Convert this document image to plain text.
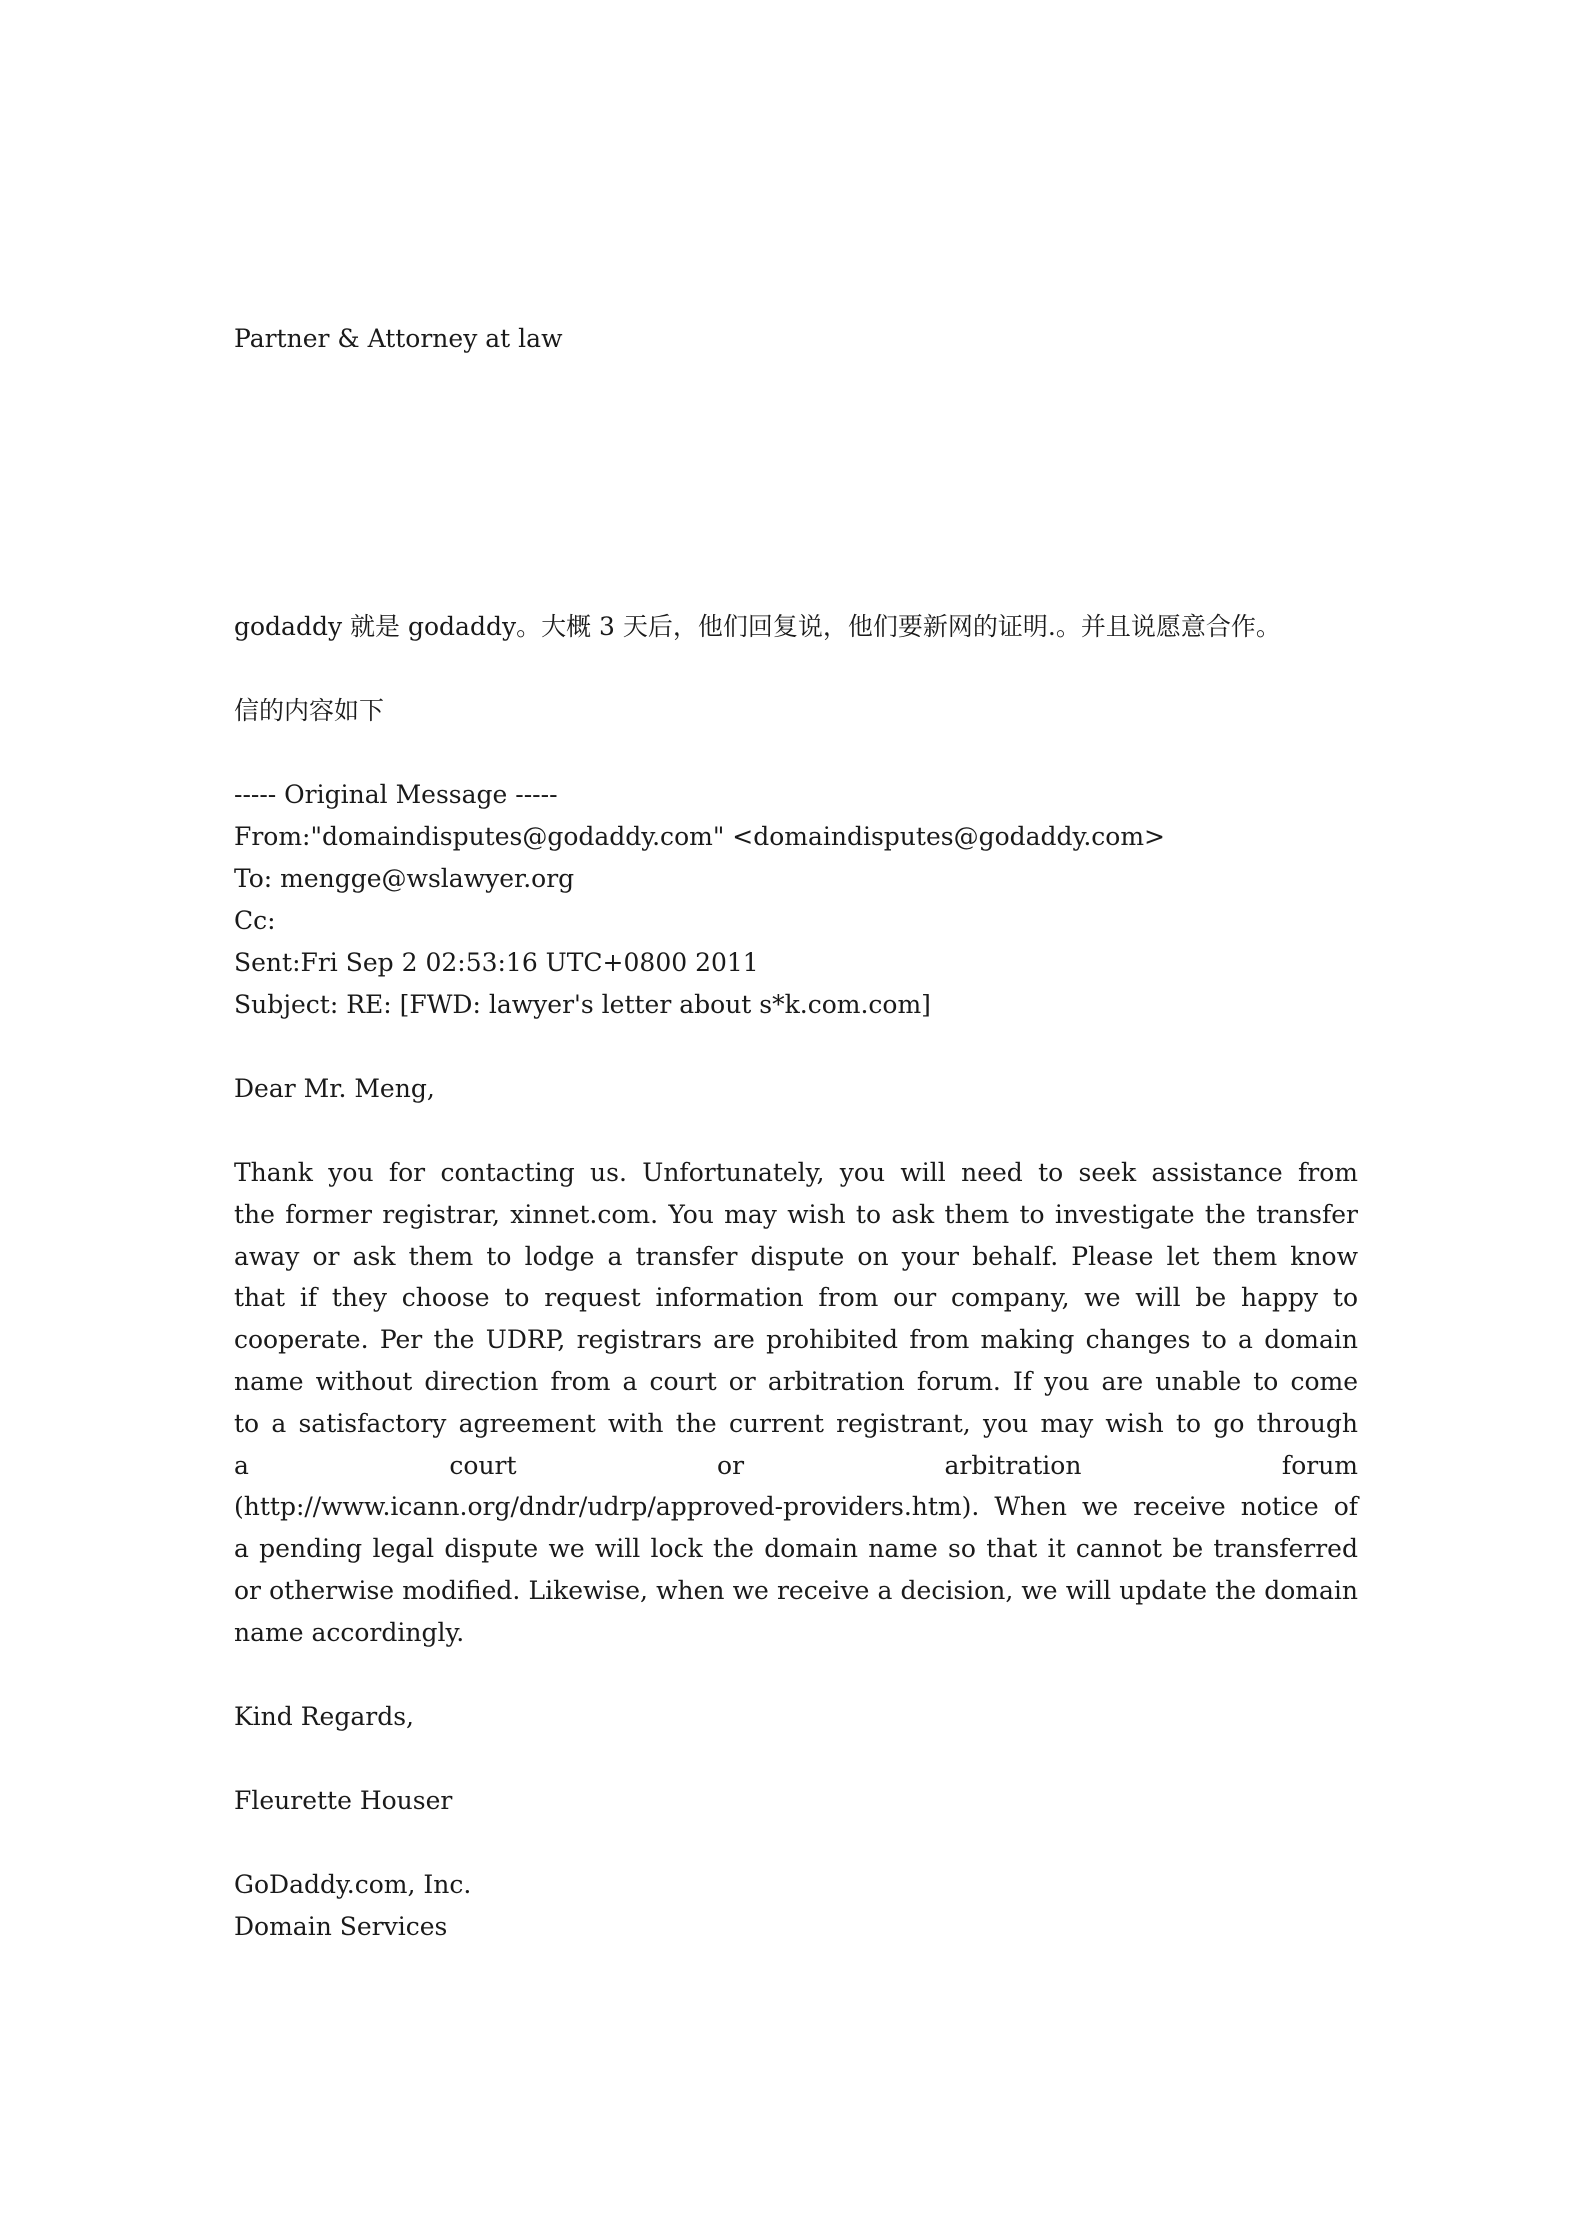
Partner & Attorney at law
godaddy 就是 godaddy。大概 3 天后，他们回复说，他们要新网的证明.。并且说愿意合作。
信的内容如下
----- Original Message -----
From:"domaindisputes@godaddy.com" <domaindisputes@godaddy.com>
To: mengge@wslawyer.org
Cc:
Sent:Fri Sep 2 02:53:16 UTC+0800 2011
Subject: RE: [FWD: lawyer's letter about s*k.com.com]
Dear Mr. Meng,
Thank you for contacting us. Unfortunately, you will need to seek assistance from
the former registrar, xinnet.com. You may wish to ask them to investigate the transfer
away or ask them to lodge a transfer dispute on your behalf. Please let them know
that if they choose to request information from our company, we will be happy to
cooperate. Per the UDRP, registrars are prohibited from making changes to a domain
name without direction from a court or arbitration forum. If you are unable to come
to a satisfactory agreement with the current registrant, you may wish to go through
a court or arbitration forum
(http://www.icann.org/dndr/udrp/approved-providers.htm). When we receive notice of
a pending legal dispute we will lock the domain name so that it cannot be transferred
or otherwise modified. Likewise, when we receive a decision, we will update the domain
name accordingly.
Kind Regards,
Fleurette Houser
GoDaddy.com, Inc.
Domain Services
